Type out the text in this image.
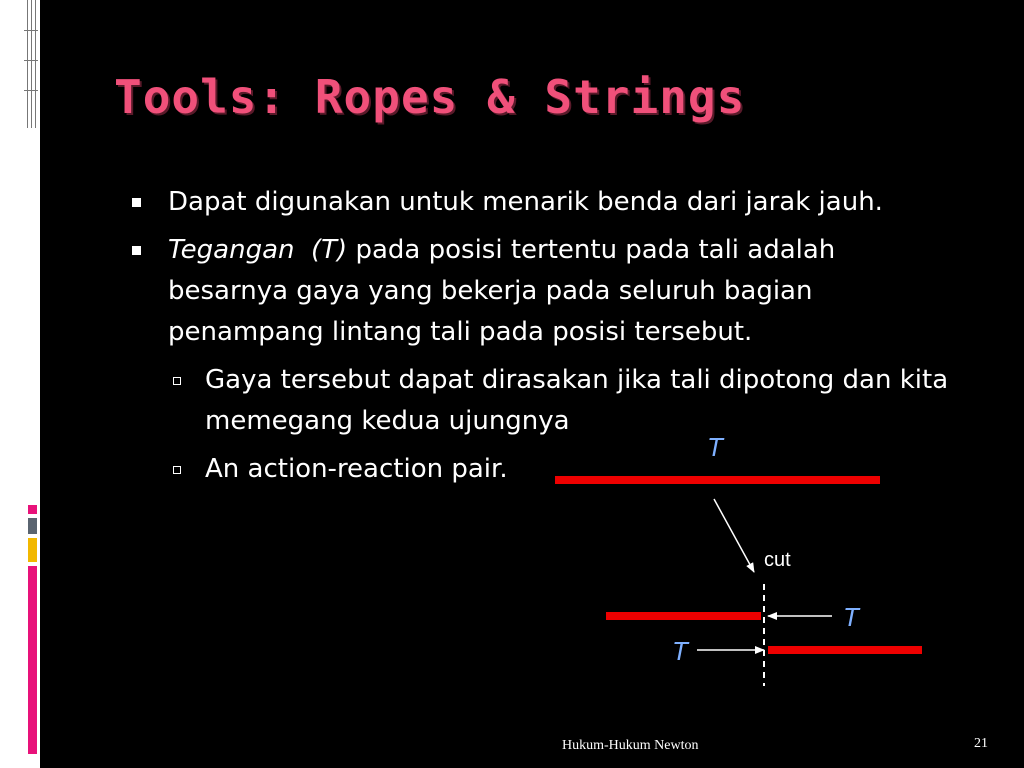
Tools: Ropes & Strings
Dapat digunakan untuk menarik benda dari jarak jauh.
Tegangan  (T) pada posisi tertentu pada tali adalah besarnya gaya yang bekerja pada seluruh bagian penampang lintang tali pada posisi tersebut.
Gaya tersebut dapat dirasakan jika tali dipotong dan kita memegang kedua ujungnya
An action-reaction pair.
T
cut
T
T
Hukum-Hukum Newton	21
